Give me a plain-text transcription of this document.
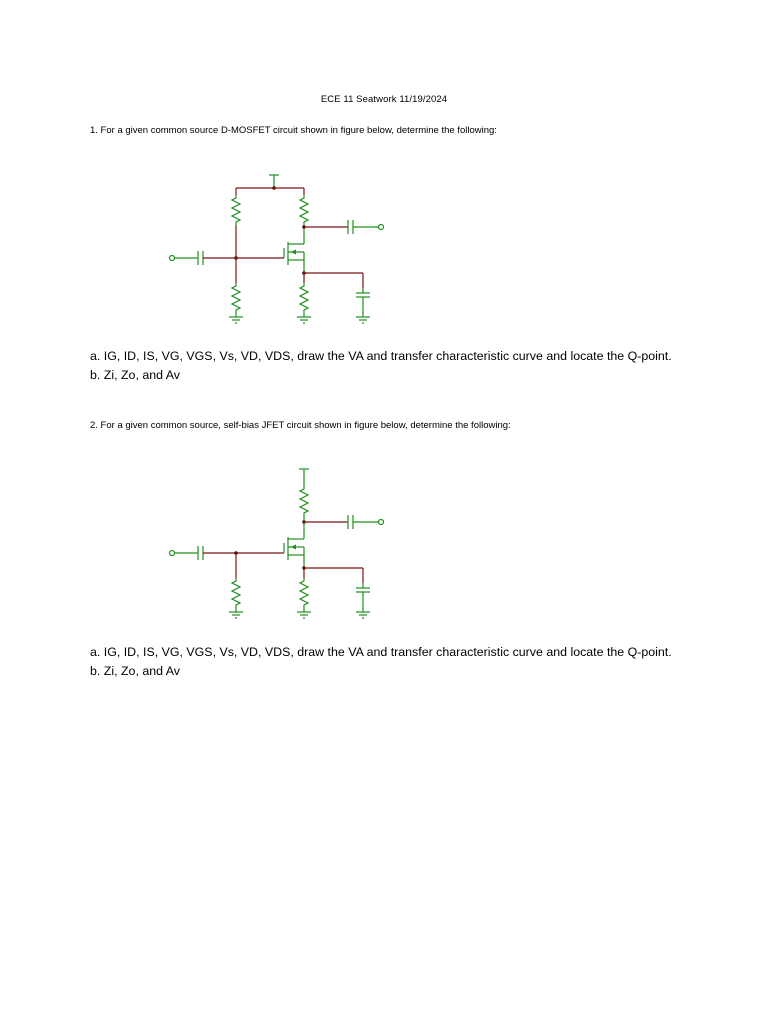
ECE 11 Seatwork 11/19/2024
1. For a given common source D-MOSFET circuit shown in figure below, determine the following:
a. IG, ID, IS, VG, VGS, Vs, VD, VDS, draw the VA and transfer characteristic curve and locate the Q-point.
b. Zi, Zo, and Av
2. For a given common source, self-bias JFET circuit shown in figure below, determine the following:
a. IG, ID, IS, VG, VGS, Vs, VD, VDS, draw the VA and transfer characteristic curve and locate the Q-point.
b. Zi, Zo, and Av
